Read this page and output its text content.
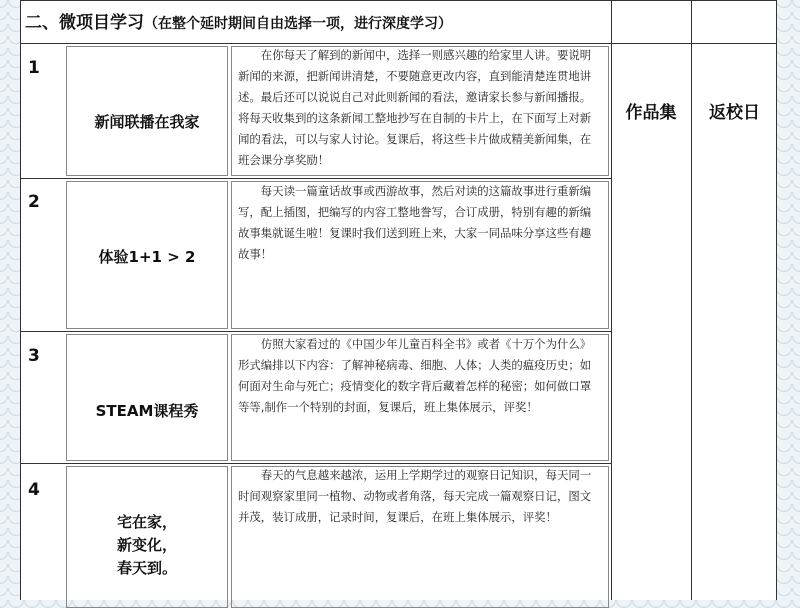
二、微项目学习（在整个延时期间自由选择一项，进行深度学习）
作品集	返校日
1
新闻联播在我家
在你每天了解到的新闻中，选择一则感兴趣的给家里人讲。要说明新闻的来源，把新闻讲清楚，不要随意更改内容，直到能清楚连贯地讲述。最后还可以说说自己对此则新闻的看法，邀请家长参与新闻播报。将每天收集到的这条新闻工整地抄写在自制的卡片上，在下面写上对新闻的看法，可以与家人讨论。复课后，将这些卡片做成精美新闻集，在班会课分享奖励！
2
体验1+1 > 2
每天读一篇童话故事或西游故事，然后对读的这篇故事进行重新编写，配上插图，把编写的内容工整地誊写，合订成册，特别有趣的新编故事集就诞生啦！复课时我们送到班上来，大家一同品味分享这些有趣故事！
3
STEAM课程秀
仿照大家看过的《中国少年儿童百科全书》或者《十万个为什么》形式编排以下内容：了解神秘病毒、细胞、人体；人类的瘟疫历史；如何面对生命与死亡；疫情变化的数字背后藏着怎样的秘密；如何做口罩等等,制作一个特别的封面，复课后，班上集体展示，评奖！
4
宅在家，
新变化，
春天到。
春天的气息越来越浓，运用上学期学过的观察日记知识，每天同一时间观察家里同一植物、动物或者角落，每天完成一篇观察日记，图文并茂，装订成册，记录时间，复课后，在班上集体展示，评奖！
